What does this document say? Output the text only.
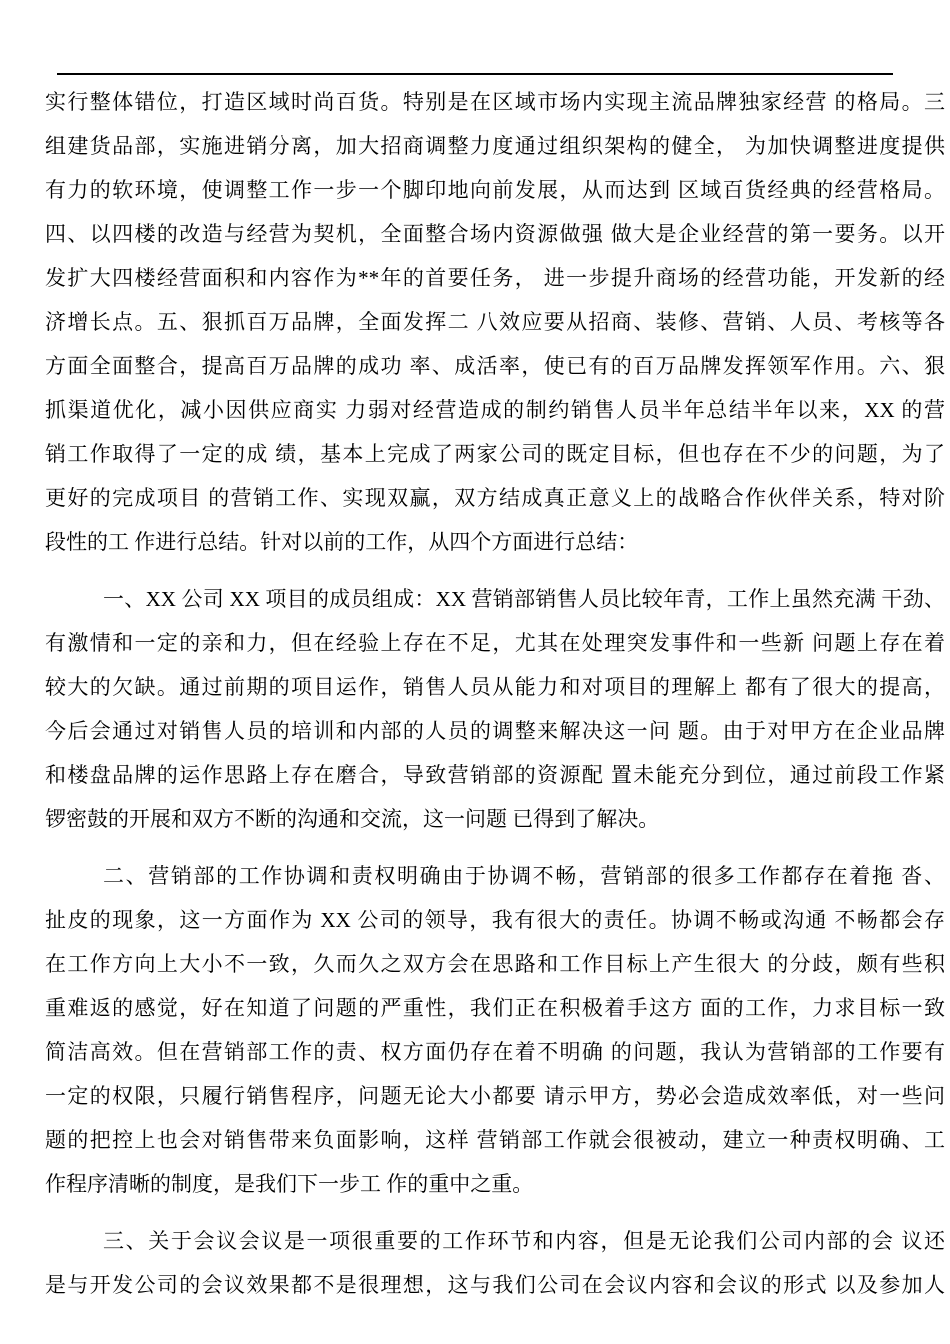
实行整体错位，打造区域时尚百货。特别是在区域市场内实现主流品牌独家经营 的格局。三
组建货品部，实施进销分离，加大招商调整力度通过组织架构的健全， 为加快调整进度提供
有力的软环境，使调整工作一步一个脚印地向前发展，从而达到 区域百货经典的经营格局。
四、以四楼的改造与经营为契机，全面整合场内资源做强 做大是企业经营的第一要务。以开
发扩大四楼经营面积和内容作为**年的首要任务， 进一步提升商场的经营功能，开发新的经
济增长点。五、狠抓百万品牌，全面发挥二 八效应要从招商、装修、营销、人员、考核等各
方面全面整合，提高百万品牌的成功 率、成活率，使已有的百万品牌发挥领军作用。六、狠
抓渠道优化，减小因供应商实 力弱对经营造成的制约销售人员半年总结半年以来，XX 的营
销工作取得了一定的成 绩，基本上完成了两家公司的既定目标，但也存在不少的问题，为了
更好的完成项目 的营销工作、实现双赢，双方结成真正意义上的战略合作伙伴关系，特对阶
段性的工 作进行总结。针对以前的工作，从四个方面进行总结：
一、XX 公司 XX 项目的成员组成：XX 营销部销售人员比较年青，工作上虽然充满 干劲、
有激情和一定的亲和力，但在经验上存在不足，尤其在处理突发事件和一些新 问题上存在着
较大的欠缺。通过前期的项目运作，销售人员从能力和对项目的理解上 都有了很大的提高，
今后会通过对销售人员的培训和内部的人员的调整来解决这一问 题。由于对甲方在企业品牌
和楼盘品牌的运作思路上存在磨合，导致营销部的资源配 置未能充分到位，通过前段工作紧
锣密鼓的开展和双方不断的沟通和交流，这一问题 已得到了解决。
二、营销部的工作协调和责权明确由于协调不畅，营销部的很多工作都存在着拖 沓、
扯皮的现象，这一方面作为 XX 公司的领导，我有很大的责任。协调不畅或沟通 不畅都会存
在工作方向上大小不一致，久而久之双方会在思路和工作目标上产生很大 的分歧，颇有些积
重难返的感觉，好在知道了问题的严重性，我们正在积极着手这方 面的工作，力求目标一致
简洁高效。但在营销部工作的责、权方面仍存在着不明确 的问题，我认为营销部的工作要有
一定的权限，只履行销售程序，问题无论大小都要 请示甲方，势必会造成效率低，对一些问
题的把控上也会对销售带来负面影响，这样 营销部工作就会很被动，建立一种责权明确、工
作程序清晰的制度，是我们下一步工 作的重中之重。
三、关于会议会议是一项很重要的工作环节和内容，但是无论我们公司内部的会 议还
是与开发公司的会议效果都不是很理想，这与我们公司在会议内容和会议的形式 以及参加人
